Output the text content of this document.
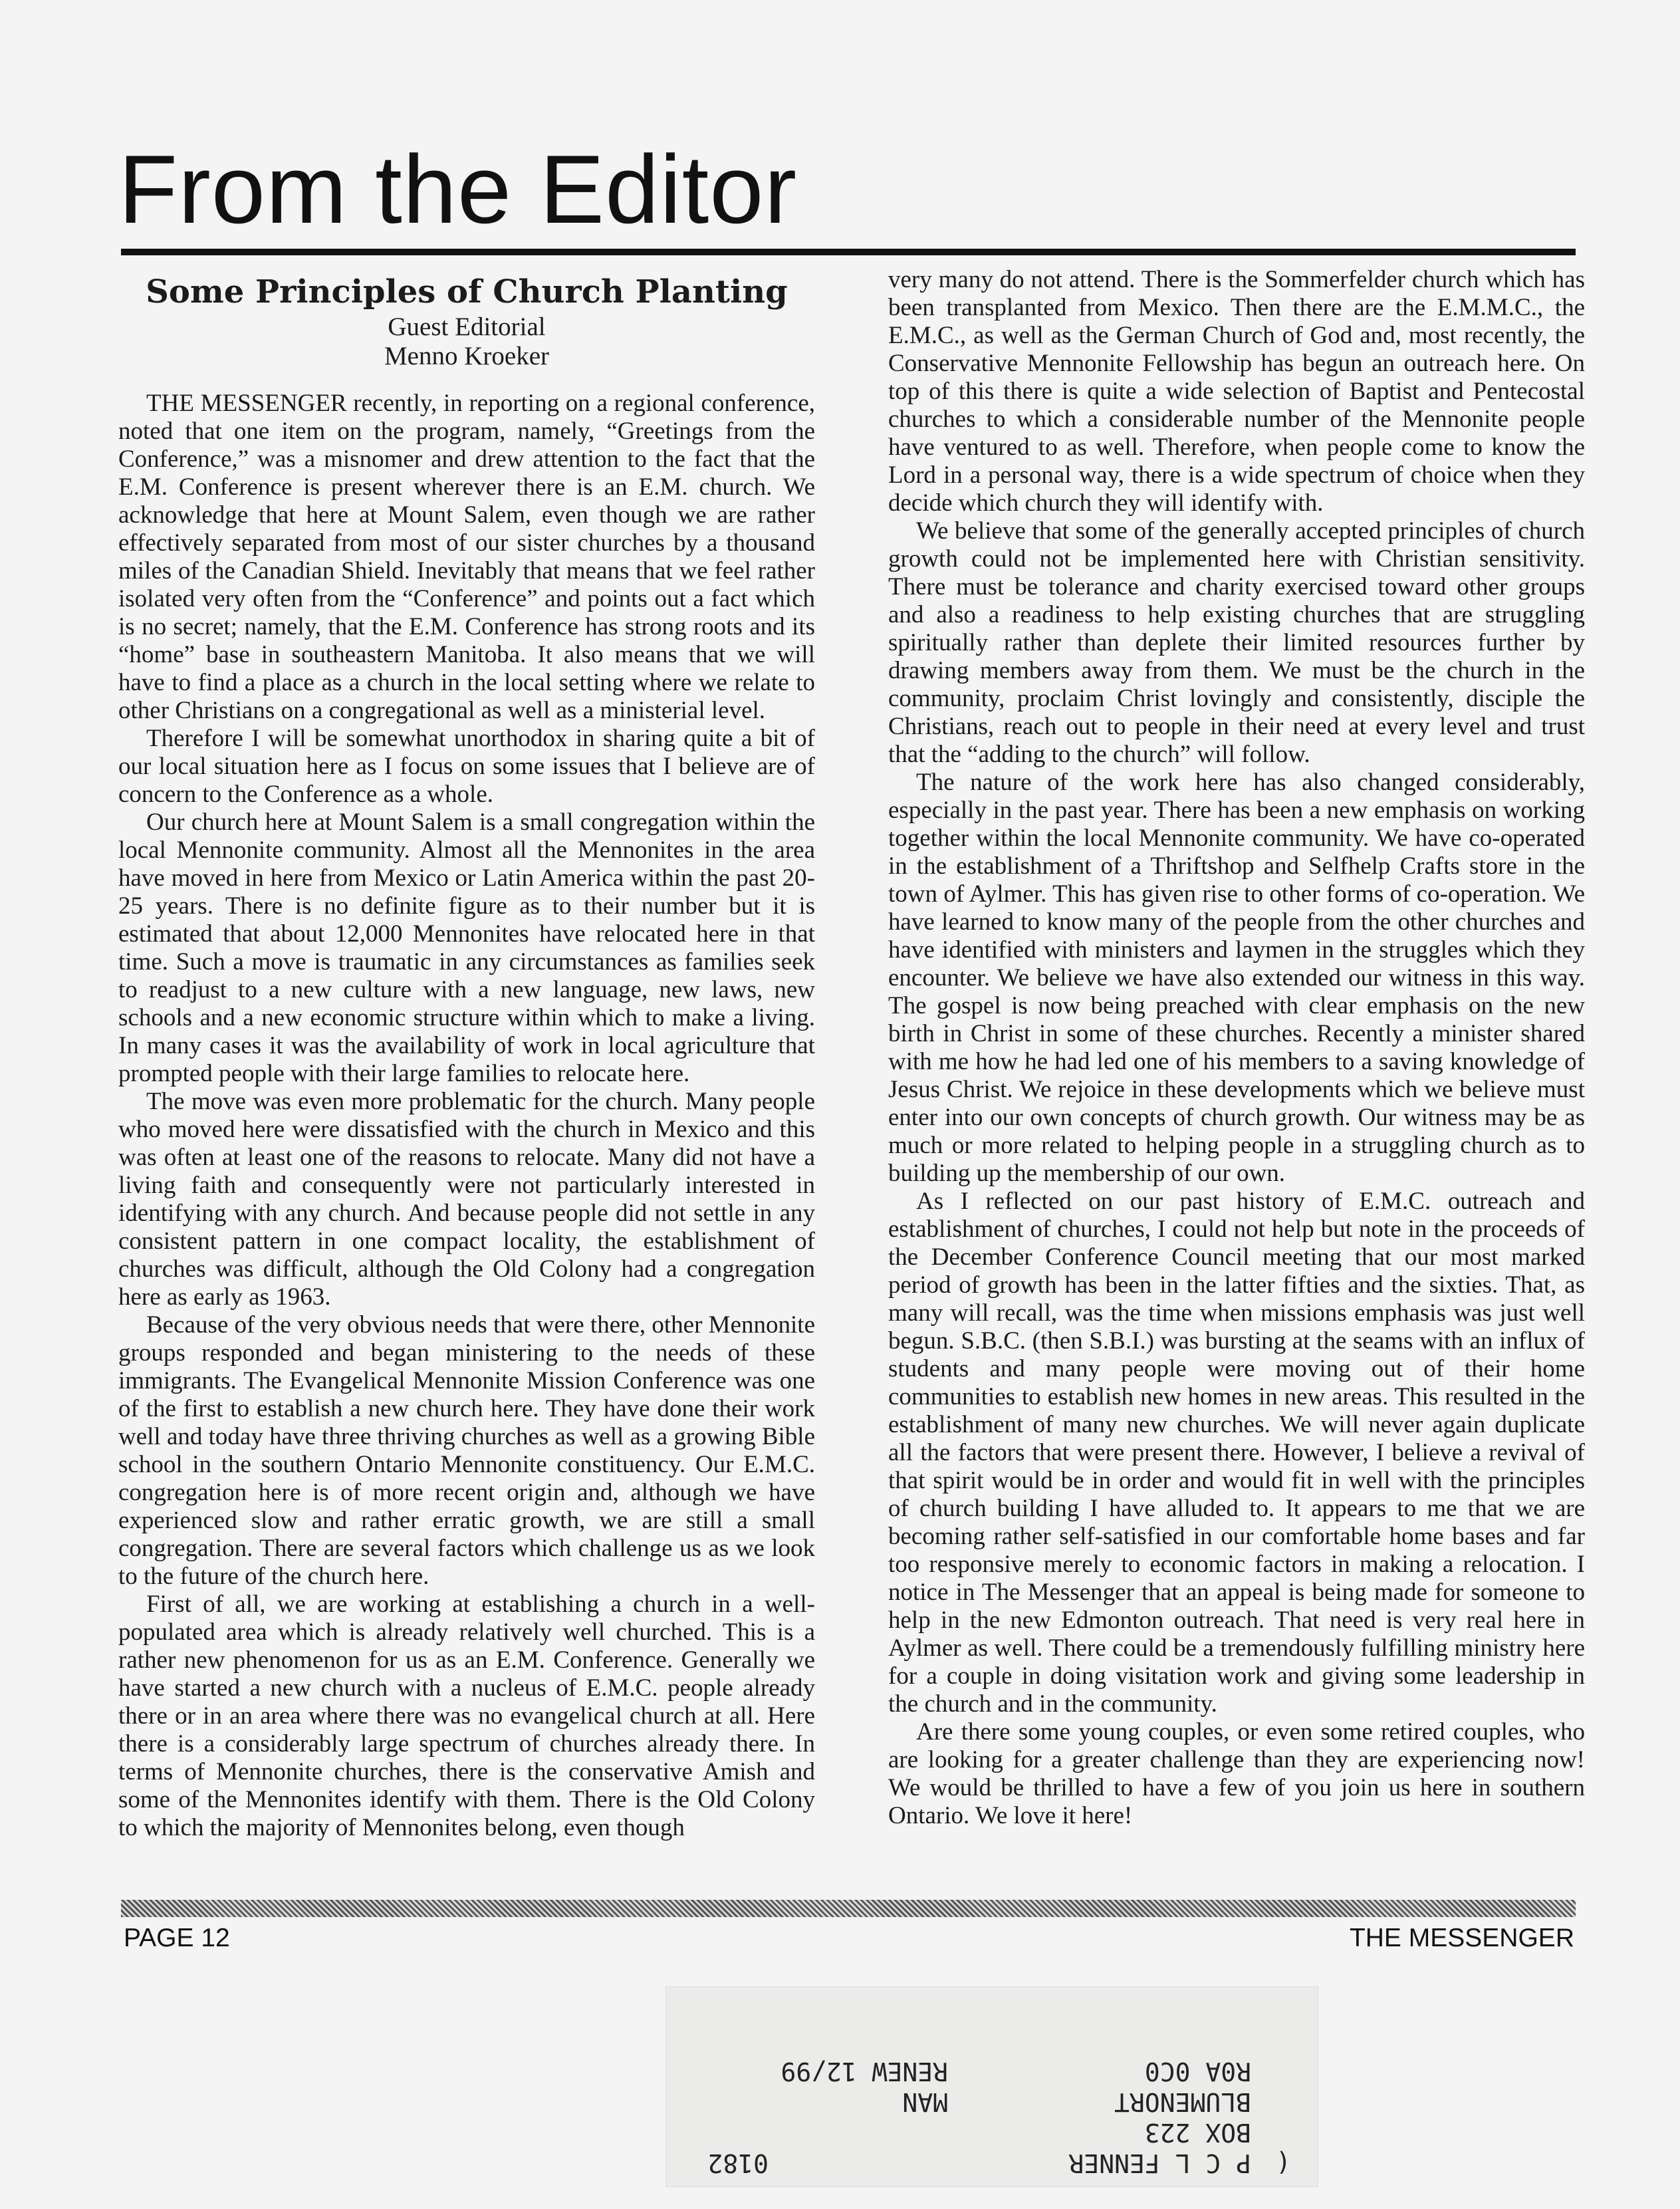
From the Editor
Some Principles of Church Planting
Guest Editorial
Menno Kroeker

THE MESSENGER recently, in reporting on a regional conference, noted that one item on the program, namely, “Greetings from the Conference,” was a misnomer and drew attention to the fact that the E.M. Conference is present wherever there is an E.M. church. We acknowledge that here at Mount Salem, even though we are rather effectively separated from most of our sister churches by a thousand miles of the Canadian Shield. Inevitably that means that we feel rather isolated very often from the “Conference” and points out a fact which is no secret; namely, that the E.M. Conference has strong roots and its “home” base in southeastern Manitoba. It also means that we will have to find a place as a church in the local setting where we relate to other Christians on a congregational as well as a ministerial level.

Therefore I will be somewhat unorthodox in sharing quite a bit of our local situation here as I focus on some issues that I believe are of concern to the Conference as a whole.

Our church here at Mount Salem is a small congregation within the local Mennonite community. Almost all the Mennonites in the area have moved in here from Mexico or Latin America within the past 20-25 years. There is no definite figure as to their number but it is estimated that about 12,000 Mennonites have relocated here in that time. Such a move is traumatic in any circumstances as families seek to readjust to a new culture with a new language, new laws, new schools and a new economic structure within which to make a living. In many cases it was the availability of work in local agriculture that prompted people with their large families to relocate here.

The move was even more problematic for the church. Many people who moved here were dissatisfied with the church in Mexico and this was often at least one of the reasons to relocate. Many did not have a living faith and consequently were not particularly interested in identifying with any church. And because people did not settle in any consistent pattern in one compact locality, the establishment of churches was difficult, although the Old Colony had a congregation here as early as 1963.

Because of the very obvious needs that were there, other Mennonite groups responded and began ministering to the needs of these immigrants. The Evangelical Mennonite Mission Conference was one of the first to establish a new church here. They have done their work well and today have three thriving churches as well as a growing Bible school in the southern Ontario Mennonite constituency. Our E.M.C. congregation here is of more recent origin and, although we have experienced slow and rather erratic growth, we are still a small congregation. There are several factors which challenge us as we look to the future of the church here.

First of all, we are working at establishing a church in a well-populated area which is already relatively well churched. This is a rather new phenomenon for us as an E.M. Conference. Generally we have started a new church with a nucleus of E.M.C. people already there or in an area where there was no evangelical church at all. Here there is a considerably large spectrum of churches already there. In terms of Mennonite churches, there is the conservative Amish and some of the Mennonites identify with them. There is the Old Colony to which the majority of Mennonites belong, even though

very many do not attend. There is the Sommerfelder church which has been transplanted from Mexico. Then there are the E.M.M.C., the E.M.C., as well as the German Church of God and, most recently, the Conservative Mennonite Fellowship has begun an outreach here. On top of this there is quite a wide selection of Baptist and Pentecostal churches to which a considerable number of the Mennonite people have ventured to as well. Therefore, when people come to know the Lord in a personal way, there is a wide spectrum of choice when they decide which church they will identify with.

We believe that some of the generally accepted principles of church growth could not be implemented here with Christian sensitivity. There must be tolerance and charity exercised toward other groups and also a readiness to help existing churches that are struggling spiritually rather than deplete their limited resources further by drawing members away from them. We must be the church in the community, proclaim Christ lovingly and consistently, disciple the Christians, reach out to people in their need at every level and trust that the “adding to the church” will follow.

The nature of the work here has also changed considerably, especially in the past year. There has been a new emphasis on working together within the local Mennonite community. We have co-operated in the establishment of a Thriftshop and Selfhelp Crafts store in the town of Aylmer. This has given rise to other forms of co-operation. We have learned to know many of the people from the other churches and have identified with ministers and laymen in the struggles which they encounter. We believe we have also extended our witness in this way. The gospel is now being preached with clear emphasis on the new birth in Christ in some of these churches. Recently a minister shared with me how he had led one of his members to a saving knowledge of Jesus Christ. We rejoice in these developments which we believe must enter into our own concepts of church growth. Our witness may be as much or more related to helping people in a struggling church as to building up the membership of our own.

As I reflected on our past history of E.M.C. outreach and establishment of churches, I could not help but note in the proceeds of the December Conference Council meeting that our most marked period of growth has been in the latter fifties and the sixties. That, as many will recall, was the time when missions emphasis was just well begun. S.B.C. (then S.B.I.) was bursting at the seams with an influx of students and many people were moving out of their home communities to establish new homes in new areas. This resulted in the establishment of many new churches. We will never again duplicate all the factors that were present there. However, I believe a revival of that spirit would be in order and would fit in well with the principles of church building I have alluded to. It appears to me that we are becoming rather self-satisfied in our comfortable home bases and far too responsive merely to economic factors in making a relocation. I notice in The Messenger that an appeal is being made for someone to help in the new Edmonton outreach. That need is very real here in Aylmer as well. There could be a tremendously fulfilling ministry here for a couple in doing visitation work and giving some leadership in the church and in the community.

Are there some young couples, or even some retired couples, who are looking for a greater challenge than they are experiencing now! We would be thrilled to have a few of you join us here in southern Ontario. We love it here!

PAGE 12	THE MESSENGER
(
P C L FENNER
0182
BOX 223
BLUMENORT
MAN
R0A 0C0
RENEW 12/99
